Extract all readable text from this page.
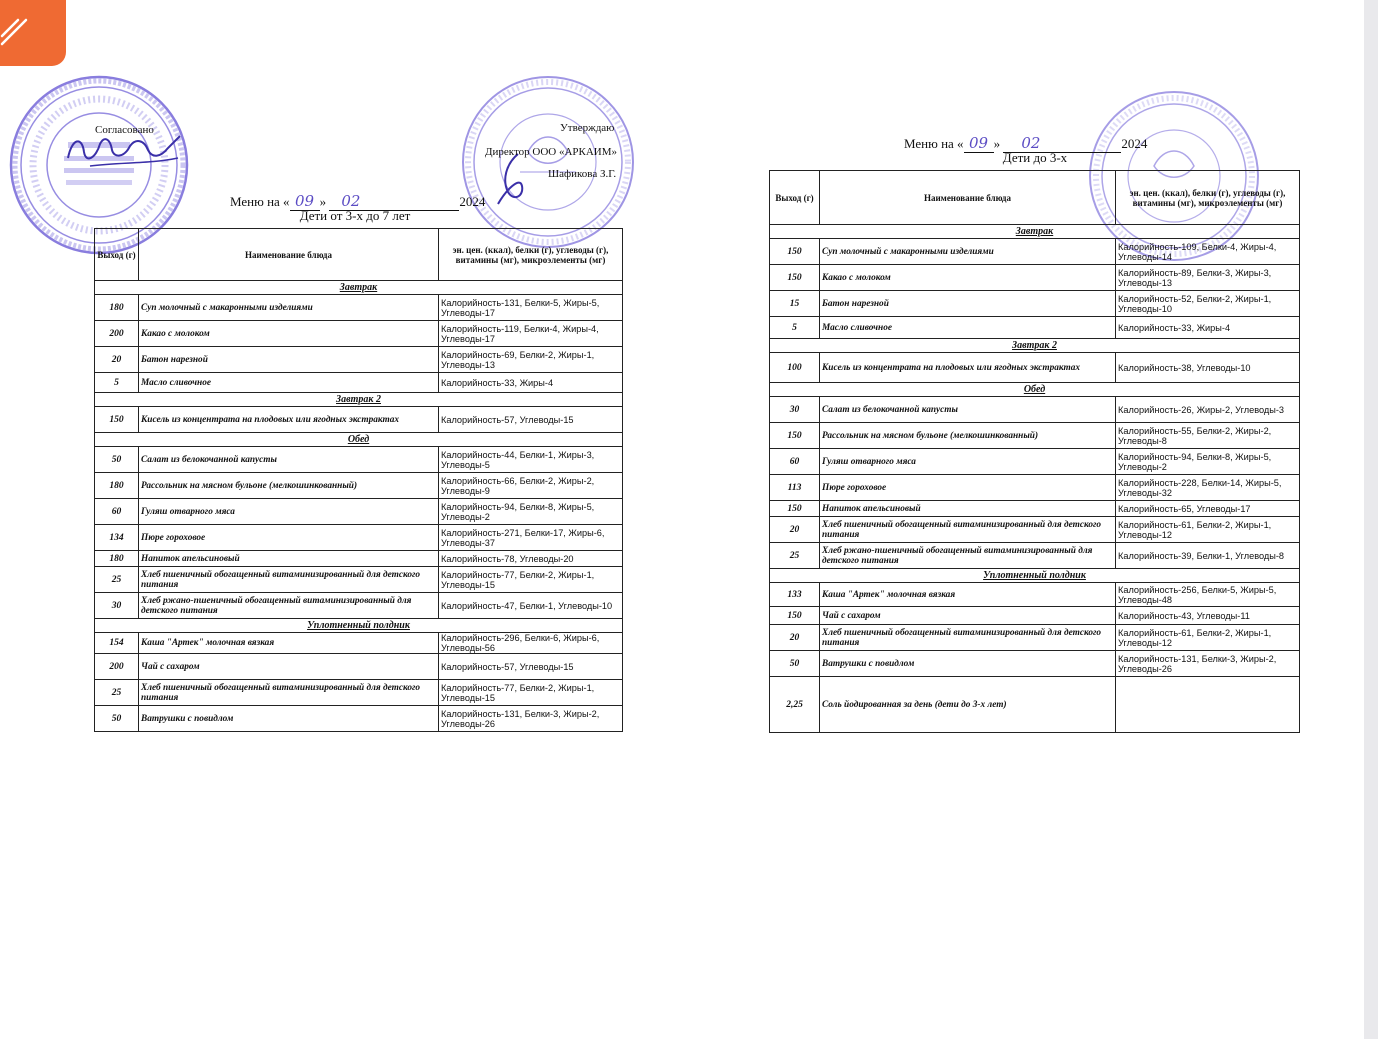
Согласовано	Утверждаю
Директор ООО «АРКАИМ»
Шафикова З.Г.
Меню на « 09 » 02	2024
Дети от 3-х до 7 лет
Выход (г)	Наименование блюда	эн. цен. (ккал), белки (г), углеводы (г), витамины (мг), микроэлементы (мг)
Завтрак		
180	Суп молочный с макаронными изделиями	Калорийность-131, Белки-5, Жиры-5, Углеводы-17
200	Какао с молоком	Калорийность-119, Белки-4, Жиры-4, Углеводы-17
20	Батон нарезной	Калорийность-69, Белки-2, Жиры-1, Углеводы-13
5	Масло сливочное	Калорийность-33, Жиры-4
Завтрак 2		
150	Кисель из концентрата на плодовых или ягодных экстрактах	Калорийность-57, Углеводы-15
Обед		
50	Салат из белокочанной капусты	Калорийность-44, Белки-1, Жиры-3, Углеводы-5
180	Рассольник на мясном бульоне (мелкошинкованный)	Калорийность-66, Белки-2, Жиры-2, Углеводы-9
60	Гуляш отварного мяса	Калорийность-94, Белки-8, Жиры-5, Углеводы-2
134	Пюре гороховое	Калорийность-271, Белки-17, Жиры-6, Углеводы-37
180	Напиток апельсиновый	Калорийность-78, Углеводы-20
25	Хлеб пшеничный обогащенный витаминизированный для детского питания	Калорийность-77, Белки-2, Жиры-1, Углеводы-15
30	Хлеб ржано-пшеничный обогащенный витаминизированный для детского питания	Калорийность-47, Белки-1, Углеводы-10
Уплотненный полдник		
154	Каша "Артек" молочная вязкая	Калорийность-296, Белки-6, Жиры-6, Углеводы-56
200	Чай с сахаром	Калорийность-57, Углеводы-15
25	Хлеб пшеничный обогащенный витаминизированный для детского питания	Калорийность-77, Белки-2, Жиры-1, Углеводы-15
50	Ватрушки с повидлом	Калорийность-131, Белки-3, Жиры-2, Углеводы-26
Меню на « 09 » 02	2024
Дети до 3-х
Выход (г)	Наименование блюда	эн. цен. (ккал), белки (г), углеводы (г), витамины (мг), микроэлементы (мг)
Завтрак		
150	Суп молочный с макаронными изделиями	Калорийность-109, Белки-4, Жиры-4, Углеводы-14
150	Какао с молоком	Калорийность-89, Белки-3, Жиры-3, Углеводы-13
15	Батон нарезной	Калорийность-52, Белки-2, Жиры-1, Углеводы-10
5	Масло сливочное	Калорийность-33, Жиры-4
Завтрак 2		
100	Кисель из концентрата на плодовых или ягодных экстрактах	Калорийность-38, Углеводы-10
Обед		
30	Салат из белокочанной капусты	Калорийность-26, Жиры-2, Углеводы-3
150	Рассольник на мясном бульоне (мелкошинкованный)	Калорийность-55, Белки-2, Жиры-2, Углеводы-8
60	Гуляш отварного мяса	Калорийность-94, Белки-8, Жиры-5, Углеводы-2
113	Пюре гороховое	Калорийность-228, Белки-14, Жиры-5, Углеводы-32
150	Напиток апельсиновый	Калорийность-65, Углеводы-17
20	Хлеб пшеничный обогащенный витаминизированный для детского питания	Калорийность-61, Белки-2, Жиры-1, Углеводы-12
25	Хлеб ржано-пшеничный обогащенный витаминизированный для детского питания	Калорийность-39, Белки-1, Углеводы-8
Уплотненный полдник		
133	Каша "Артек" молочная вязкая	Калорийность-256, Белки-5, Жиры-5, Углеводы-48
150	Чай с сахаром	Калорийность-43, Углеводы-11
20	Хлеб пшеничный обогащенный витаминизированный для детского питания	Калорийность-61, Белки-2, Жиры-1, Углеводы-12
50	Ватрушки с повидлом	Калорийность-131, Белки-3, Жиры-2, Углеводы-26
2,25	Соль йодированная за день (дети до 3-х лет)	
